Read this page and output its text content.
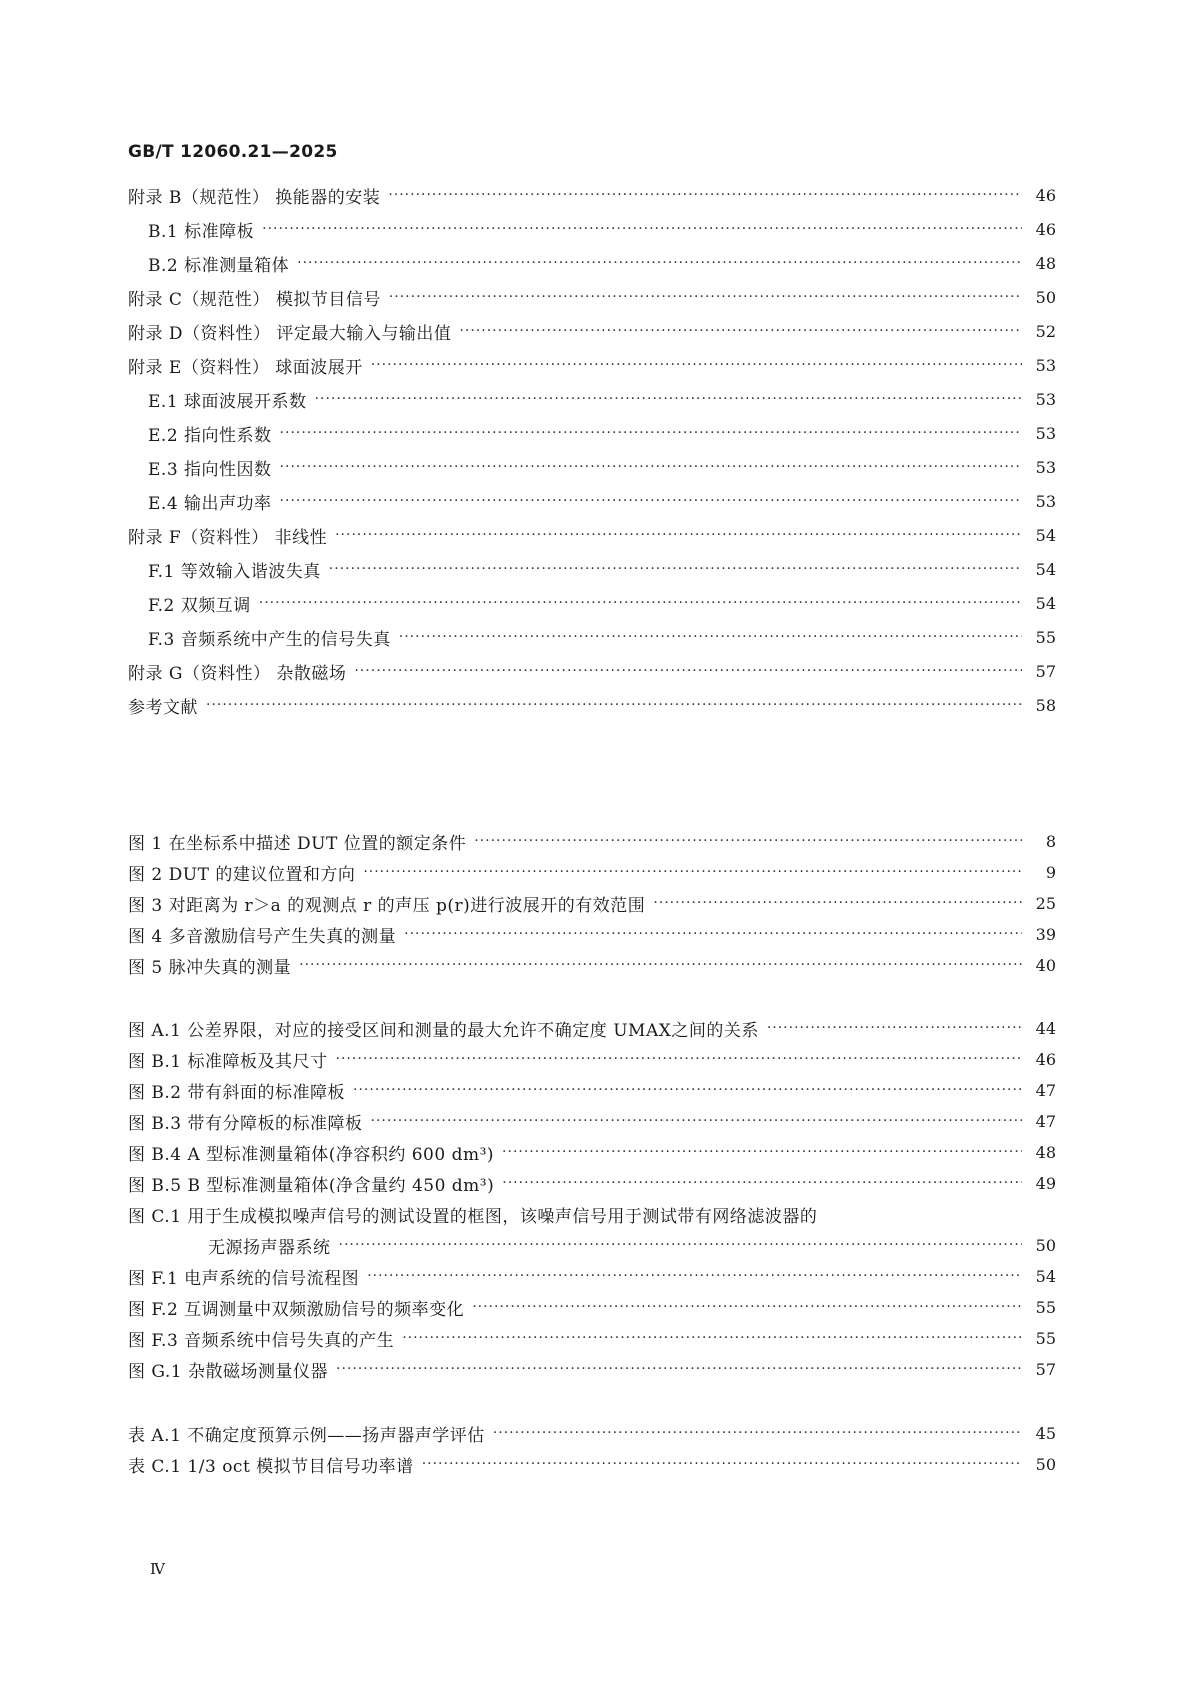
GB/T 12060.21—2025
附录 B（规范性） 换能器的安装 ·····	46
B.1 标准障板 ·····	46
B.2 标准测量箱体 ·····	48
附录 C（规范性） 模拟节目信号 ·····	50
附录 D（资料性） 评定最大输入与输出值 ·····	52
附录 E（资料性） 球面波展开 ·····	53
E.1 球面波展开系数 ·····	53
E.2 指向性系数 ·····	53
E.3 指向性因数 ·····	53
E.4 输出声功率 ·····	53
附录 F（资料性） 非线性 ·····	54
F.1 等效输入谐波失真 ·····	54
F.2 双频互调 ·····	54
F.3 音频系统中产生的信号失真 ·····	55
附录 G（资料性） 杂散磁场 ·····	57
参考文献 ·····	58
图 1 在坐标系中描述 DUT 位置的额定条件 ·····	8
图 2 DUT 的建议位置和方向 ·····	9
图 3 对距离为 r＞a 的观测点 r 的声压 p(r)进行波展开的有效范围 ·····	25
图 4 多音激励信号产生失真的测量 ·····	39
图 5 脉冲失真的测量 ·····	40
图 A.1 公差界限，对应的接受区间和测量的最大允许不确定度 UMAX之间的关系 ·····	44
图 B.1 标准障板及其尺寸 ·····	46
图 B.2 带有斜面的标准障板 ·····	47
图 B.3 带有分障板的标准障板 ·····	47
图 B.4 A 型标准测量箱体(净容积约 600 dm³) ·····	48
图 B.5 B 型标准测量箱体(净含量约 450 dm³) ·····	49
图 C.1 用于生成模拟噪声信号的测试设置的框图，该噪声信号用于测试带有网络滤波器的
无源扬声器系统 ·····	50
图 F.1 电声系统的信号流程图 ·····	54
图 F.2 互调测量中双频激励信号的频率变化 ·····	55
图 F.3 音频系统中信号失真的产生 ·····	55
图 G.1 杂散磁场测量仪器 ·····	57
表 A.1 不确定度预算示例——扬声器声学评估 ·····	45
表 C.1 1/3 oct 模拟节目信号功率谱 ·····	50
Ⅳ
